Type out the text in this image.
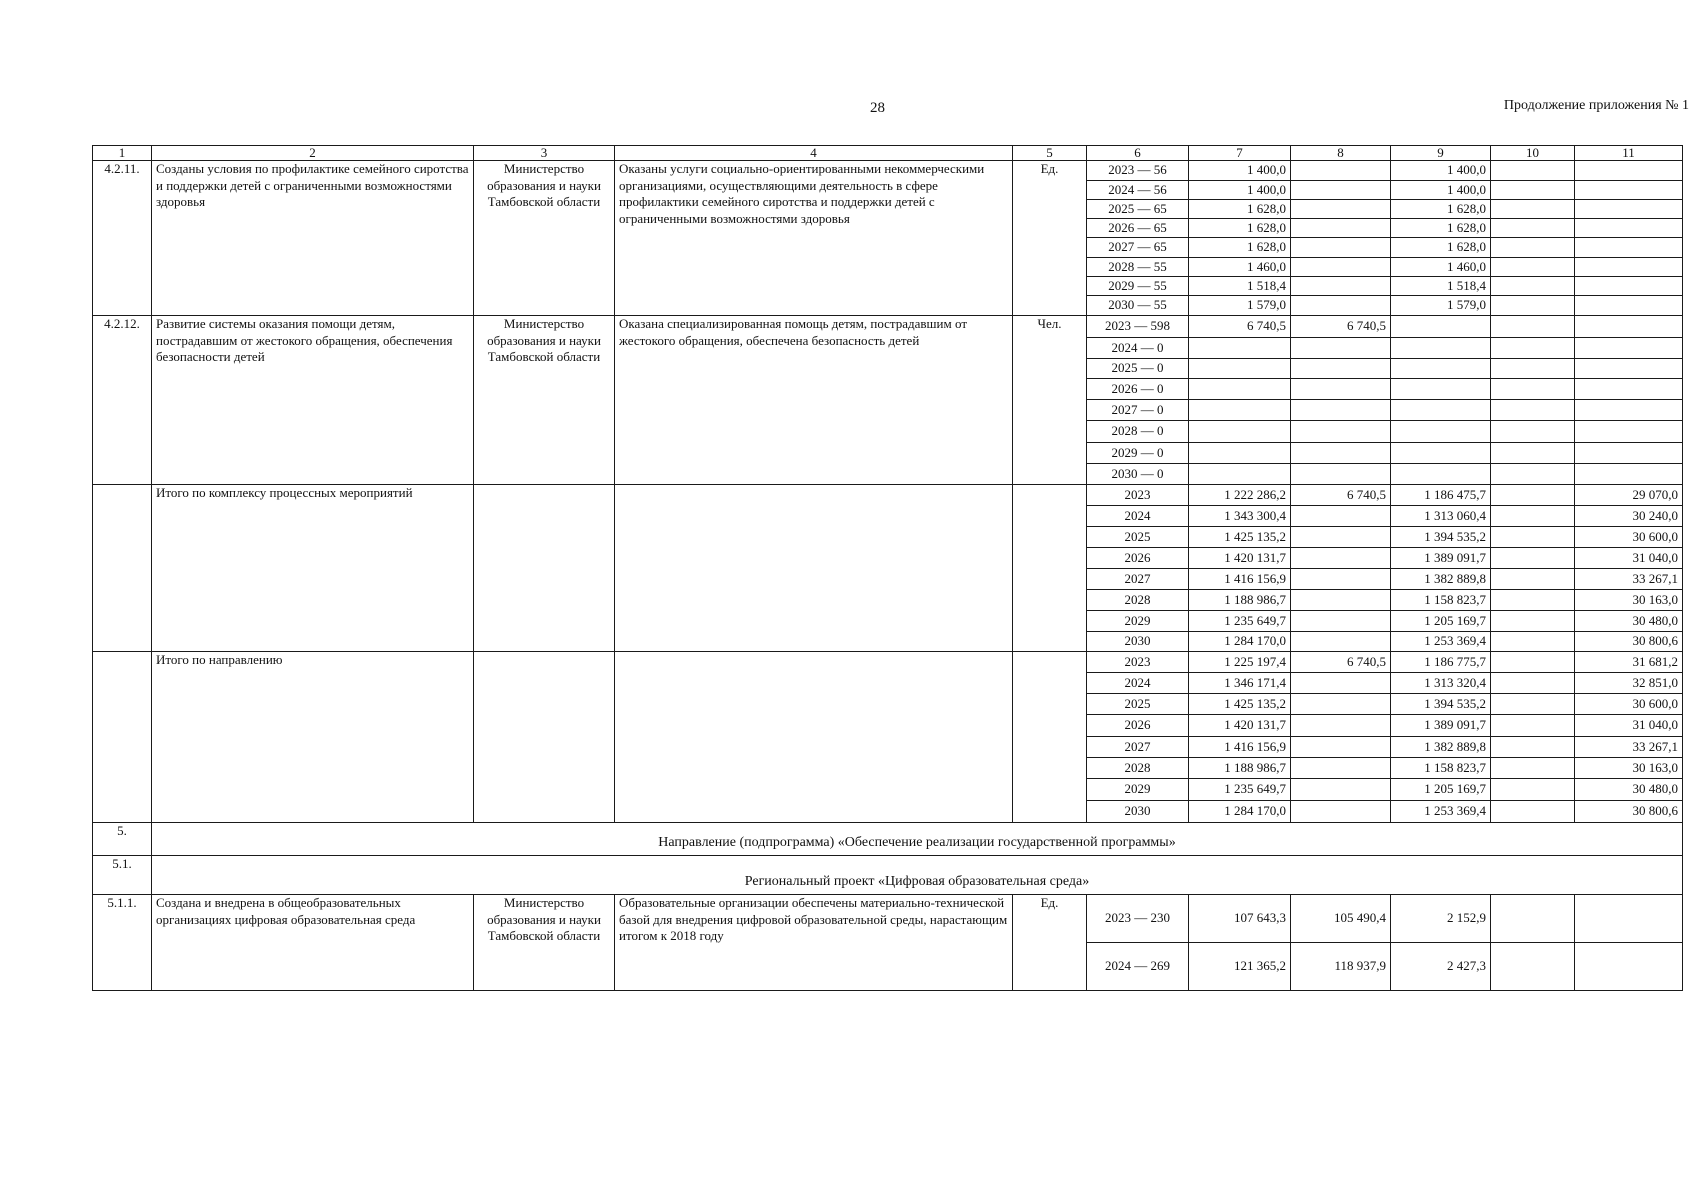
28	Продолжение приложения № 1
1	2	3	4	5	6	7	8	9	10	11
4.2.11.	Созданы условия по профилактике семейного сиротства и поддержки детей с ограниченными возможностями здоровья	Министерство образования и науки Тамбовской области	Оказаны услуги социально-ориентированными некоммерческими организациями, осуществляющими деятельность в сфере профилактики семейного сиротства и поддержки детей с ограниченными возможностями здоровья	Ед.	2023 — 56	1 400,0		1 400,0		
					2024 — 56	1 400,0		1 400,0		
					2025 — 65	1 628,0		1 628,0		
					2026 — 65	1 628,0		1 628,0		
					2027 — 65	1 628,0		1 628,0		
					2028 — 55	1 460,0		1 460,0		
					2029 — 55	1 518,4		1 518,4		
					2030 — 55	1 579,0		1 579,0		
4.2.12.	Развитие системы оказания помощи детям, пострадавшим от жестокого обращения, обеспечения безопасности детей	Министерство образования и науки Тамбовской области	Оказана специализированная помощь детям, пострадавшим от жестокого обращения, обеспечена безопасность детей	Чел.	2023 — 598	6 740,5	6 740,5			
					2024 — 0					
					2025 — 0					
					2026 — 0					
					2027 — 0					
					2028 — 0					
					2029 — 0					
					2030 — 0					
	Итого по комплексу процессных мероприятий				2023	1 222 286,2	6 740,5	1 186 475,7		29 070,0
					2024	1 343 300,4		1 313 060,4		30 240,0
					2025	1 425 135,2		1 394 535,2		30 600,0
					2026	1 420 131,7		1 389 091,7		31 040,0
					2027	1 416 156,9		1 382 889,8		33 267,1
					2028	1 188 986,7		1 158 823,7		30 163,0
					2029	1 235 649,7		1 205 169,7		30 480,0
					2030	1 284 170,0		1 253 369,4		30 800,6
	Итого по направлению				2023	1 225 197,4	6 740,5	1 186 775,7		31 681,2
					2024	1 346 171,4		1 313 320,4		32 851,0
					2025	1 425 135,2		1 394 535,2		30 600,0
					2026	1 420 131,7		1 389 091,7		31 040,0
					2027	1 416 156,9		1 382 889,8		33 267,1
					2028	1 188 986,7		1 158 823,7		30 163,0
					2029	1 235 649,7		1 205 169,7		30 480,0
					2030	1 284 170,0		1 253 369,4		30 800,6
5.	Направление (подпрограмма) «Обеспечение реализации государственной программы»									
5.1.	Региональный проект «Цифровая образовательная среда»									
5.1.1.	Создана и внедрена в общеобразовательных организациях цифровая образовательная среда	Министерство образования и науки Тамбовской области	Образовательные организации обеспечены материально-технической базой для внедрения цифровой образовательной среды, нарастающим итогом к 2018 году	Ед.	2023 — 230	107 643,3	105 490,4	2 152,9		
					2024 — 269	121 365,2	118 937,9	2 427,3		
